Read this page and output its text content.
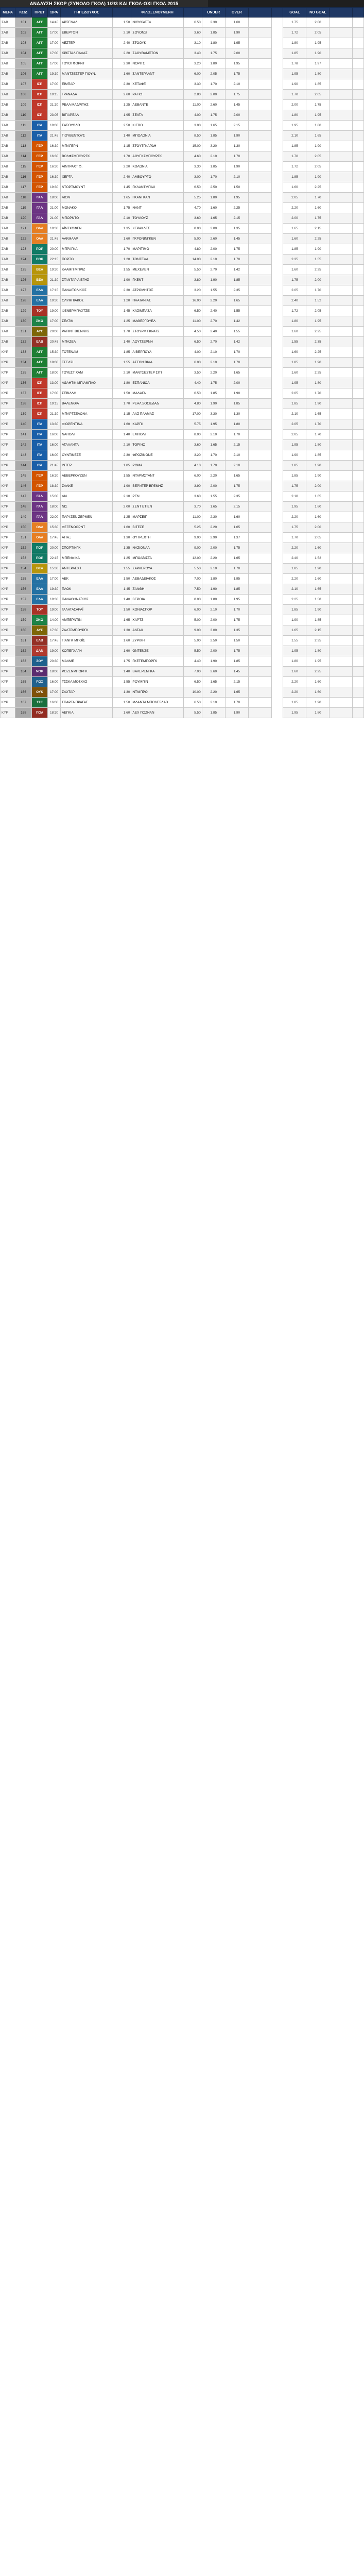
ΑΝΑΛΥΣΗ ΣΚΟΡ (ΣΥΝΟΛΟ ΓΚΟΛ) 1/2/3 ΚΑΙ ΓΚΟΛ-ΟΧΙ ΓΚΟΛ 2015
ΜΕΡΑ	ΚΩΔ	ΠΡΩΤ	ΩΡΑ	ΓΗΠΕΔΟΥΧΟΣ		ΦΙΛΟΞΕΝΟΥΜΕΝΗ		UNDER	OVER			GOAL	NO GOAL		
ΣΑΒ	101	ΑΓΓ	14:45	ΑΡΣΕΝΑΛ	1.50	ΝΙΟΥΚΑΣΤΛ	6.50	2.30	1.60			1.75	2.00		
ΣΑΒ	102	ΑΓΓ	17:00	ΕΒΕΡΤΟΝ	2.10	ΣΟΥΟΝΣΙ	3.60	1.85	1.90			1.72	2.05		
ΣΑΒ	103	ΑΓΓ	17:00	ΛΕΣΤΕΡ	2.40	ΣΤΟΟΥΚ	3.10	1.80	1.95			1.80	1.95		
ΣΑΒ	104	ΑΓΓ	17:00	ΚΡΙΣΤΑΛ ΠΑΛΑΣ	2.20	ΣΑΟΥΘΑΜΠΤΟΝ	3.40	1.75	2.00			1.85	1.90		
ΣΑΒ	105	ΑΓΓ	17:00	ΓΟΥΟΤΦΟΡΝΤ	2.30	ΝΟΡΙΤΣ	3.20	1.80	1.95			1.78	1.97		
ΣΑΒ	106	ΑΓΓ	19:30	ΜΑΝΤΣΕΣΤΕΡ ΓΙΟΥΝ.	1.60	ΣΑΝΤΕΡΛΑΝΤ	6.00	2.05	1.75			1.95	1.80		
ΣΑΒ	107	ΙΣΠ	17:00	ΕΪΜΠΑΡ	2.30	ΧΕΤΑΦΕ	3.30	1.70	2.10			1.90	1.85		
ΣΑΒ	108	ΙΣΠ	19:15	ΓΡΑΝΑΔΑ	2.60	ΡΑΓΙΟ	2.80	2.00	1.75			1.70	2.05		
ΣΑΒ	109	ΙΣΠ	21:30	ΡΕΑΛ ΜΑΔΡΙΤΗΣ	1.25	ΛΕΒΑΝΤΕ	11.00	2.60	1.45			2.00	1.75		
ΣΑΒ	110	ΙΣΠ	23:05	ΒΙΓΙΑΡΕΑΛ	1.95	ΣΕΛΤΑ	4.00	1.75	2.00			1.80	1.95		
ΣΑΒ	111	ΙΤΑ	19:00	ΣΑΣΟΥΟΛΟ	2.50	ΚΙΕΒΟ	3.00	1.65	2.15			1.95	1.80		
ΣΑΒ	112	ΙΤΑ	21:45	ΓΙΟΥΒΕΝΤΟΥΣ	1.40	ΜΠΟΛΟΝΙΑ	8.50	1.85	1.90			2.10	1.65		
ΣΑΒ	113	ΓΕΡ	16:30	ΜΠΑΓΕΡΝ	1.15	ΣΤΟΥΤΓΚΑΡΔΗ	15.00	3.20	1.30			1.85	1.90		
ΣΑΒ	114	ΓΕΡ	16:30	ΒΟΛΦΣΜΠΟΥΡΓΚ	1.70	ΑΟΥΓΚΣΜΠΟΥΡΓΚ	4.60	2.10	1.70			1.70	2.05		
ΣΑΒ	115	ΓΕΡ	16:30	ΑΙΝΤΡΑΧΤ Φ.	2.20	ΚΟΛΩΝΙΑ	3.30	1.85	1.90			1.72	2.05		
ΣΑΒ	116	ΓΕΡ	16:30	ΧΕΡΤΑ	2.40	ΑΜΒΟΥΡΓΟ	3.00	1.70	2.10			1.85	1.90		
ΣΑΒ	117	ΓΕΡ	19:30	ΝΤΟΡΤΜΟΥΝΤ	1.45	ΓΚΛΑΝΤΜΠΑΧ	6.50	2.50	1.50			1.60	2.25		
ΣΑΒ	118	ΓΑΛ	18:00	ΛΙΟΝ	1.65	ΓΚΑΝΓΚΑΝ	5.25	1.80	1.95			2.05	1.70		
ΣΑΒ	119	ΓΑΛ	21:00	ΜΟΝΑΚΟ	1.75	ΝΑΝΤ	4.70	1.60	2.25			2.20	1.60		
ΣΑΒ	120	ΓΑΛ	21:00	ΜΠΟΡΝΤΟ	2.10	ΤΟΥΛΟΥΖ	3.60	1.65	2.15			2.00	1.75		
ΣΑΒ	121	ΟΛΛ	19:30	ΑΪΝΤΧΟΦΕΝ	1.35	ΧΕΡΑΚΛΕΣ	8.00	3.00	1.35			1.65	2.15		
ΣΑΒ	122	ΟΛΛ	21:45	ΑΛΚΜΑΑΡ	1.60	ΓΚΡΟΝΙΝΓΚΕΝ	5.00	2.60	1.45			1.60	2.25		
ΣΑΒ	123	ΠΟΡ	20:00	ΜΠΡΑΓΚΑ	1.70	ΜΑΡΙΤΙΜΟ	4.80	2.00	1.75			1.85	1.90		
ΣΑΒ	124	ΠΟΡ	22:15	ΠΟΡΤΟ	1.20	ΤΟΝΤΕΛΑ	14.00	2.10	1.70			2.35	1.55		
ΣΑΒ	125	ΒΕΛ	19:30	ΚΛΑΜΠ ΜΠΡΙΖ	1.55	ΜΕΧΕΛΕΝ	5.50	2.70	1.42			1.60	2.25		
ΣΑΒ	126	ΒΕΛ	21:30	ΣΤΑΝΤΑΡ ΛΙΕΓΗΣ	1.90	ΓΚΕΝΤ	3.80	1.90	1.85			1.75	2.00		
ΣΑΒ	127	ΕΛΛ	17:15	ΠΑΝΑΙΤΩΛΙΚΟΣ	2.30	ΑΤΡΟΜΗΤΟΣ	3.20	1.55	2.35			2.05	1.70		
ΣΑΒ	128	ΕΛΛ	19:30	ΟΛΥΜΠΙΑΚΟΣ	1.20	ΠΛΑΤΑΝΙΑΣ	16.00	2.20	1.65			2.40	1.52		
ΣΑΒ	129	ΤΟΥ	19:00	ΦΕΝΕΡΜΠΑΧΤΣΕ	1.45	ΚΑΣΙΜΠΑΣΑ	6.50	2.40	1.55			1.72	2.05		
ΣΑΒ	130	ΣΚΩ	17:00	ΣΕΛΤΙΚ	1.25	ΜΑΘΕΡΓΟΥΕΛ	11.00	2.70	1.42			1.80	1.95		
ΣΑΒ	131	ΑΥΣ	20:00	ΡΑΠΙΝΤ ΒΙΕΝΝΗΣ	1.70	ΣΤΟΥΡΜ ΓΚΡΑΤΣ	4.50	2.40	1.55			1.60	2.25		
ΣΑΒ	132	ΕΛΒ	20:45	ΜΠΑΖΕΛ	1.40	ΛΟΥΤΣΕΡΝΗ	6.50	2.70	1.42			1.55	2.35		
ΚΥΡ	133	ΑΓΓ	15:30	ΤΟΤΕΝΑΜ	1.85	ΛΙΒΕΡΠΟΥΛ	4.00	2.10	1.70			1.60	2.25		
ΚΥΡ	134	ΑΓΓ	18:00	ΤΣΕΛΣΙ	1.55	ΑΣΤΟΝ ΒΙΛΑ	6.00	2.10	1.70			1.85	1.90		
ΚΥΡ	135	ΑΓΓ	18:00	ΓΟΥΕΣΤ ΧΑΜ	2.10	ΜΑΝΤΣΕΣΤΕΡ ΣΙΤΙ	3.50	2.20	1.65			1.60	2.25		
ΚΥΡ	136	ΙΣΠ	13:00	ΑΘΛΗΤΙΚ ΜΠΙΛΜΠΑΟ	1.80	ΕΣΠΑΝΙΟΛ	4.40	1.75	2.00			1.95	1.80		
ΚΥΡ	137	ΙΣΠ	17:00	ΣΕΒΙΛΛΗ	1.50	ΜΑΛΑΓΑ	6.50	1.85	1.90			2.05	1.70		
ΚΥΡ	138	ΙΣΠ	19:15	ΒΑΛΕΝΘΙΑ	1.70	ΡΕΑΛ ΣΟΣΙΕΔΑΔ	4.80	1.90	1.85			1.85	1.90		
ΚΥΡ	139	ΙΣΠ	21:30	ΜΠΑΡΤΣΕΛΟΝΑ	1.15	ΛΑΣ ΠΑΛΜΑΣ	17.00	3.30	1.30			2.10	1.65		
ΚΥΡ	140	ΙΤΑ	13:30	ΦΙΟΡΕΝΤΙΝΑ	1.60	ΚΑΡΠΙ	5.75	1.95	1.80			2.05	1.70		
ΚΥΡ	141	ΙΤΑ	16:00	ΝΑΠΟΛΙ	1.40	ΕΜΠΟΛΙ	8.00	2.10	1.70			2.05	1.70		
ΚΥΡ	142	ΙΤΑ	16:00	ΑΤΑΛΑΝΤΑ	2.10	ΤΟΡΙΝΟ	3.60	1.65	2.15			1.95	1.80		
ΚΥΡ	143	ΙΤΑ	16:00	ΟΥΝΤΙΝΕΖΕ	2.30	ΦΡΟΖΙΝΟΝΕ	3.20	1.70	2.10			1.90	1.85		
ΚΥΡ	144	ΙΤΑ	21:45	ΙΝΤΕΡ	1.85	ΡΟΜΑ	4.10	1.70	2.10			1.85	1.90		
ΚΥΡ	145	ΓΕΡ	16:30	ΛΕΒΕΡΚΟΥΖΕΝ	1.55	ΝΤΑΡΜΣΤΑΝΤ	6.00	2.20	1.65			1.85	1.90		
ΚΥΡ	146	ΓΕΡ	18:30	ΣΑΛΚΕ	1.90	ΒΕΡΝΤΕΡ ΒΡΕΜΗΣ	3.90	2.00	1.75			1.75	2.00		
ΚΥΡ	147	ΓΑΛ	15:00	ΛΙΛ	2.10	ΡΕΝ	3.60	1.55	2.35			2.10	1.65		
ΚΥΡ	148	ΓΑΛ	18:00	ΝΙΣ	2.00	ΣΕΝΤ ΕΤΙΕΝ	3.70	1.65	2.15			1.95	1.80		
ΚΥΡ	149	ΓΑΛ	22:00	ΠΑΡΙ ΣΕΝ ΖΕΡΜΕΝ	1.25	ΜΑΡΣΕΙΓ	11.00	2.30	1.60			2.20	1.60		
ΚΥΡ	150	ΟΛΛ	15:30	ΦΕΓΕΝΟΟΡΝΤ	1.60	ΒΙΤΕΣΕ	5.25	2.20	1.65			1.75	2.00		
ΚΥΡ	151	ΟΛΛ	17:45	ΑΓΙΑΞ	1.30	ΟΥΤΡΕΧΤΗ	9.00	2.90	1.37			1.70	2.05		
ΚΥΡ	152	ΠΟΡ	20:00	ΣΠΟΡΤΙΝΓΚ	1.35	ΝΑΣΙΟΝΑΛ	9.00	2.00	1.75			2.20	1.60		
ΚΥΡ	153	ΠΟΡ	22:15	ΜΠΕΝΦΙΚΑ	1.25	ΜΠΟΑΒΙΣΤΑ	12.00	2.20	1.65			2.40	1.52		
ΚΥΡ	154	ΒΕΛ	15:30	ΑΝΤΕΡΛΕΧΤ	1.55	ΣΑΡΛΕΡΟΥΑ	5.50	2.10	1.70			1.85	1.90		
ΚΥΡ	155	ΕΛΛ	17:00	ΑΕΚ	1.50	ΛΕΒΑΔΕΙΑΚΟΣ	7.00	1.80	1.95			2.20	1.60		
ΚΥΡ	156	ΕΛΛ	19:30	ΠΑΟΚ	1.45	ΞΑΝΘΗ	7.50	1.90	1.85			2.10	1.65		
ΚΥΡ	157	ΕΛΛ	19:30	ΠΑΝΑΘΗΝΑΪΚΟΣ	1.40	ΒΕΡΟΙΑ	8.00	1.80	1.95			2.25	1.58		
ΚΥΡ	158	ΤΟΥ	19:00	ΓΑΛΑΤΑΣΑΡΑΪ	1.50	ΚΟΝΙΑΣΠΟΡ	6.00	2.10	1.70			1.85	1.90		
ΚΥΡ	159	ΣΚΩ	14:00	ΑΜΠΕΡΝΤΙΝ	1.65	ΧΑΡΤΣ	5.00	2.00	1.75			1.90	1.85		
ΚΥΡ	160	ΑΥΣ	17:30	ΖΑΛΤΣΜΠΟΥΡΓΚ	1.30	ΑΛΤΑΧ	9.00	3.00	1.35			1.65	2.15		
ΚΥΡ	161	ΕΛΒ	17:45	ΓΙΑΝΓΚ ΜΠΟΪΣ	1.60	ΖΥΡΙΧΗ	5.00	2.50	1.50			1.55	2.35		
ΚΥΡ	162	ΔΑΝ	19:00	ΚΟΠΕΓΧΑΓΗ	1.60	ΟΝΤΕΝΣΕ	5.50	2.00	1.75			1.95	1.80		
ΚΥΡ	163	ΣΟΥ	20:30	ΜΑΛΜΕ	1.75	ΓΚΕΤΕΜΠΟΡΓΚ	4.40	1.90	1.85			1.80	1.95		
ΚΥΡ	164	ΝΟΡ	18:00	ΡΟΖΕΝΜΠΟΡΓΚ	1.40	ΒΑΛΕΡΕΝΓΚΑ	7.00	2.60	1.45			1.60	2.25		
ΚΥΡ	165	ΡΩΣ	16:00	ΤΣΣΚΑ ΜΟΣΧΑΣ	1.55	ΡΟΥΜΠΙΝ	6.50	1.65	2.15			2.20	1.60		
ΚΥΡ	166	ΟΥΚ	17:00	ΣΑΧΤΑΡ	1.30	ΝΤΝΙΠΡΟ	10.00	2.20	1.65			2.20	1.60		
ΚΥΡ	167	ΤΣΕ	16:00	ΣΠΑΡΤΑ ΠΡΑΓΑΣ	1.50	ΜΛΑΝΤΑ ΜΠΟΛΕΣΛΑΒ	6.50	2.10	1.70			1.85	1.90		
ΚΥΡ	168	ΠΟΛ	18:30	ΛΕΓΚΙΑ	1.60	ΛΕΧ ΠΟΖΝΑΝ	5.50	1.85	1.90			1.95	1.80		
